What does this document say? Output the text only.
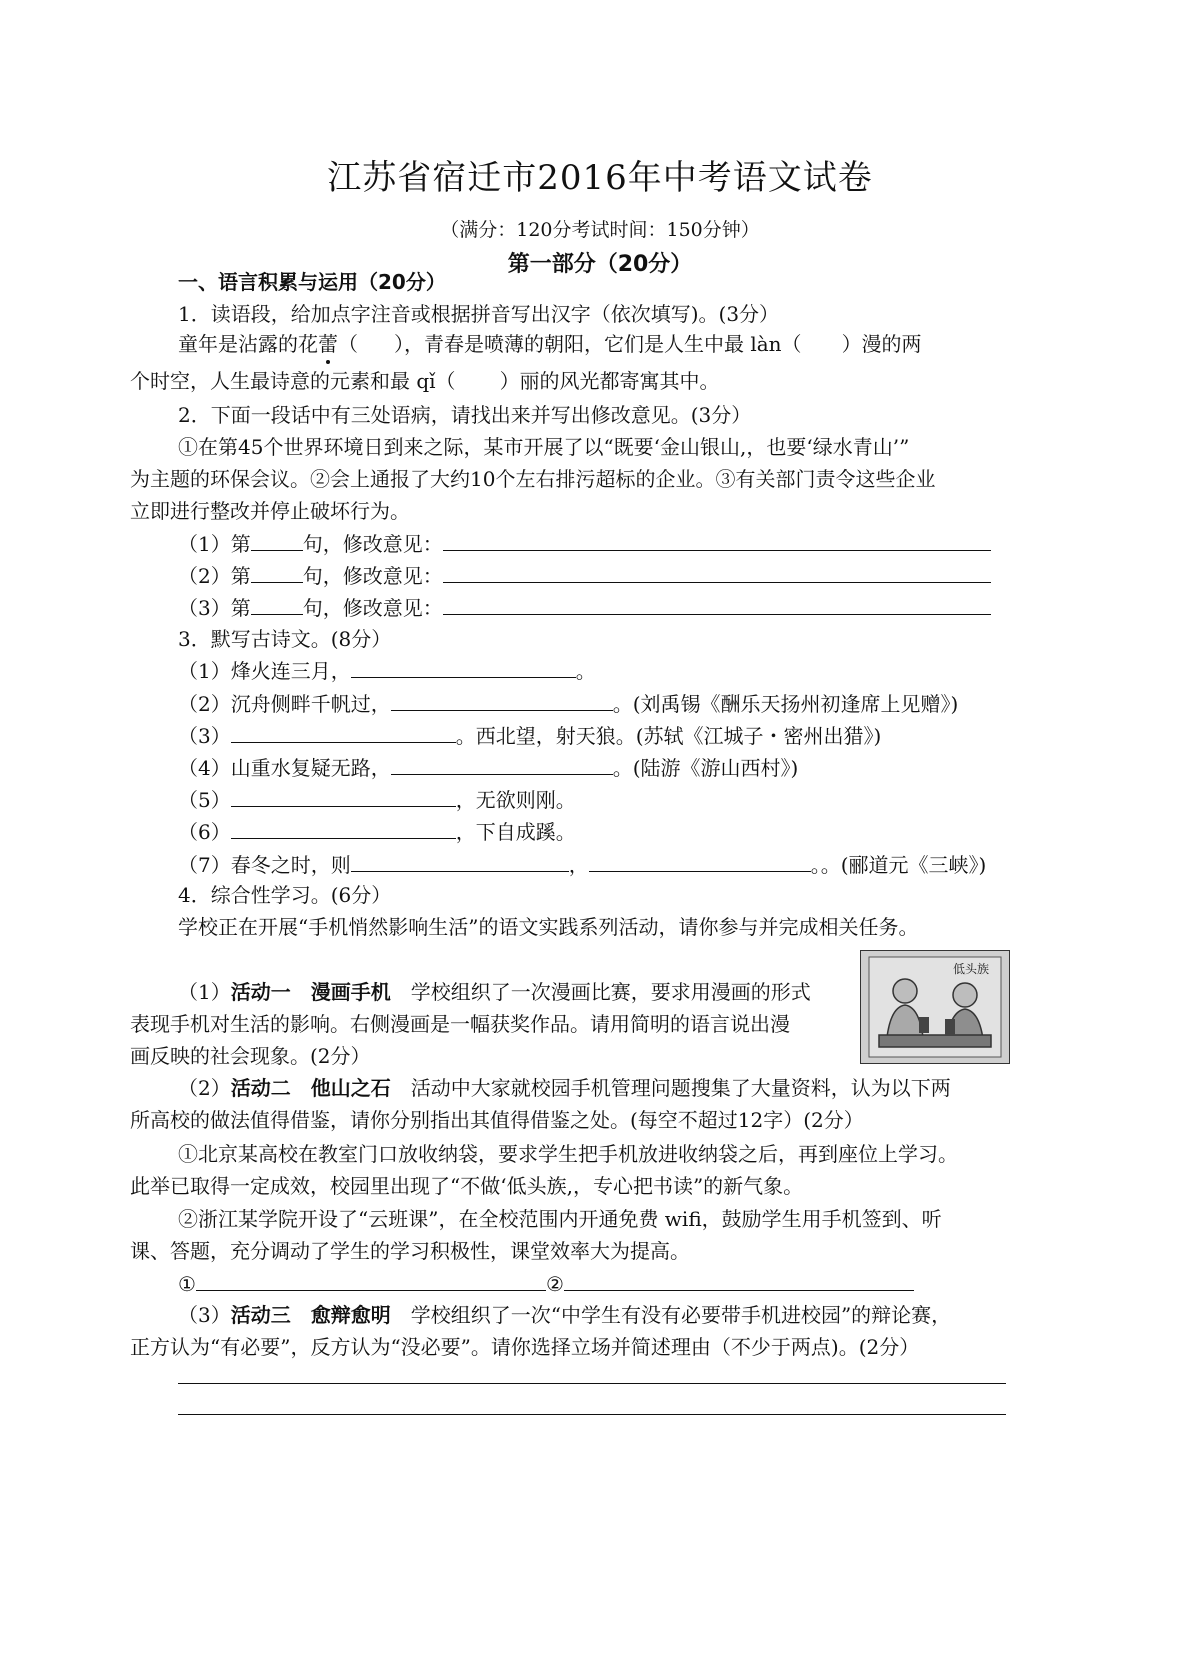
江苏省宿迁市2016年中考语文试卷
（满分：120分考试时间：150分钟）
第一部分（20分）
一、语言积累与运用（20分）
1．读语段，给加点字注音或根据拼音写出汉字（依次填写)。(3分）
童年是沾露的花蕾（ ），青春是喷薄的朝阳，它们是人生中最 làn（ ）漫的两
个时空，人生最诗意的元素和最 qǐ（ ）丽的风光都寄寓其中。
2．下面一段话中有三处语病，请找出来并写出修改意见。(3分）
①在第45个世界环境日到来之际，某市开展了以“既要‘金山银山,，也要‘绿水青山’”
为主题的环保会议。②会上通报了大约10个左右排污超标的企业。③有关部门责令这些企业
立即进行整改并停止破坏行为。
（1）第	句，修改意见：
（2）第	句，修改意见：
（3）第	句，修改意见：
3．默写古诗文。(8分）
（1）烽火连三月，	。
（2）沉舟侧畔千帆过，	。(刘禹锡《酬乐天扬州初逢席上见赠》)
（3）	。西北望，射天狼。(苏轼《江城子・密州出猎》)
（4）山重水复疑无路，	。(陆游《游山西村》)
（5）	，无欲则刚。
（6）	，下自成蹊。
（7）春冬之时，则	，	。。(郦道元《三峡》)
4．综合性学习。(6分）
学校正在开展“手机悄然影响生活”的语文实践系列活动，请你参与并完成相关任务。
（1）活动一　漫画手机　学校组织了一次漫画比赛，要求用漫画的形式
表现手机对生活的影响。右侧漫画是一幅获奖作品。请用简明的语言说出漫
画反映的社会现象。(2分）
低头族
（2）活动二　他山之石　活动中大家就校园手机管理问题搜集了大量资料，认为以下两
所高校的做法值得借鉴，请你分别指出其值得借鉴之处。(每空不超过12字）(2分）
①北京某高校在教室门口放收纳袋，要求学生把手机放进收纳袋之后，再到座位上学习。
此举已取得一定成效，校园里出现了“不做‘低头族,，专心把书读”的新气象。
②浙江某学院开设了“云班课”，在全校范围内开通免费 wifi，鼓励学生用手机签到、听
课、答题，充分调动了学生的学习积极性，课堂效率大为提高。
①	②
（3）活动三　愈辩愈明　学校组织了一次“中学生有没有必要带手机进校园”的辩论赛，
正方认为“有必要”，反方认为“没必要”。请你选择立场并简述理由（不少于两点)。(2分）
